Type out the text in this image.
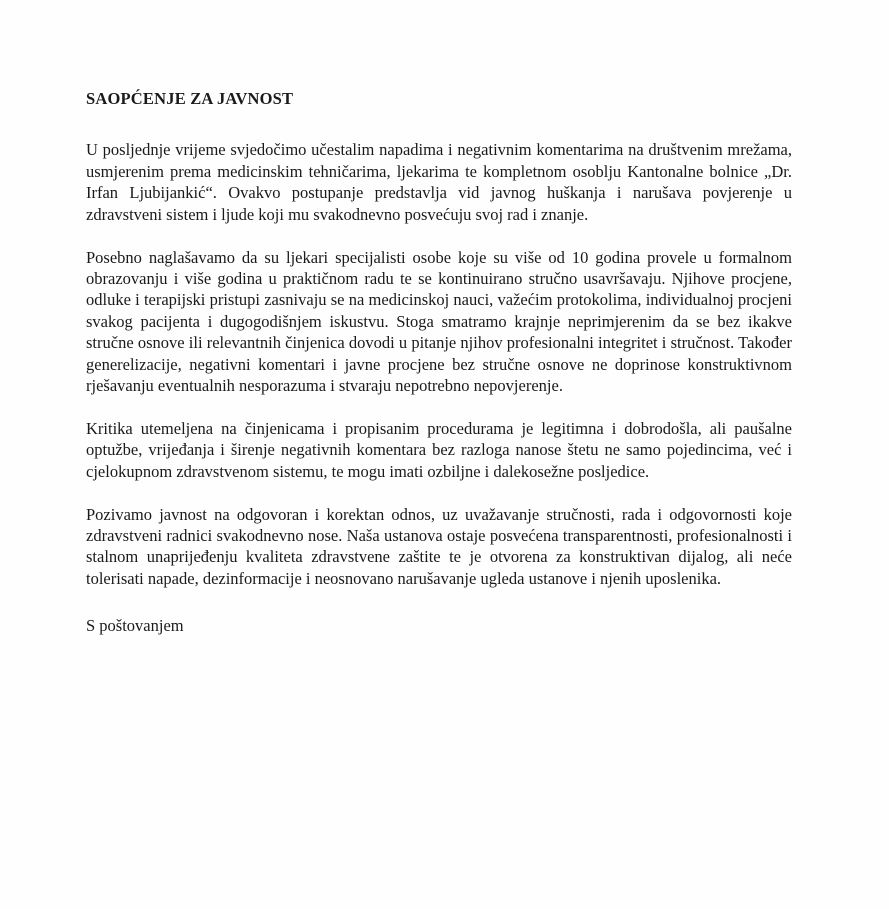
SAOPĆENJE ZA JAVNOST

U posljednje vrijeme svjedočimo učestalim napadima i negativnim komentarima na društvenim mrežama, usmjerenim prema medicinskim tehničarima, ljekarima te kompletnom osoblju Kantonalne bolnice „Dr. Irfan Ljubijankić“. Ovakvo postupanje predstavlja vid javnog huškanja i narušava povjerenje u zdravstveni sistem i ljude koji mu svakodnevno posvećuju svoj rad i znanje.

Posebno naglašavamo da su ljekari specijalisti osobe koje su više od 10 godina provele u formalnom obrazovanju i više godina u praktičnom radu te se kontinuirano stručno usavršavaju. Njihove procjene, odluke i terapijski pristupi zasnivaju se na medicinskoj nauci, važećim protokolima, individualnoj procjeni svakog pacijenta i dugogodišnjem iskustvu. Stoga smatramo krajnje neprimjerenim da se bez ikakve stručne osnove ili relevantnih činjenica dovodi u pitanje njihov profesionalni integritet i stručnost. Također generelizacije, negativni komentari i javne procjene bez stručne osnove ne doprinose konstruktivnom rješavanju eventualnih nesporazuma i stvaraju nepotrebno nepovjerenje.

Kritika utemeljena na činjenicama i propisanim procedurama je legitimna i dobrodošla, ali paušalne optužbe, vrijeđanja i širenje negativnih komentara bez razloga nanose štetu ne samo pojedincima, već i cjelokupnom zdravstvenom sistemu, te mogu imati ozbiljne i dalekosežne posljedice.

Pozivamo javnost na odgovoran i korektan odnos, uz uvažavanje stručnosti, rada i odgovornosti koje zdravstveni radnici svakodnevno nose. Naša ustanova ostaje posvećena transparentnosti, profesionalnosti i stalnom unaprijeđenju kvaliteta zdravstvene zaštite te je otvorena za konstruktivan dijalog, ali neće tolerisati napade, dezinformacije i neosnovano narušavanje ugleda ustanove i njenih uposlenika.

S poštovanjem
